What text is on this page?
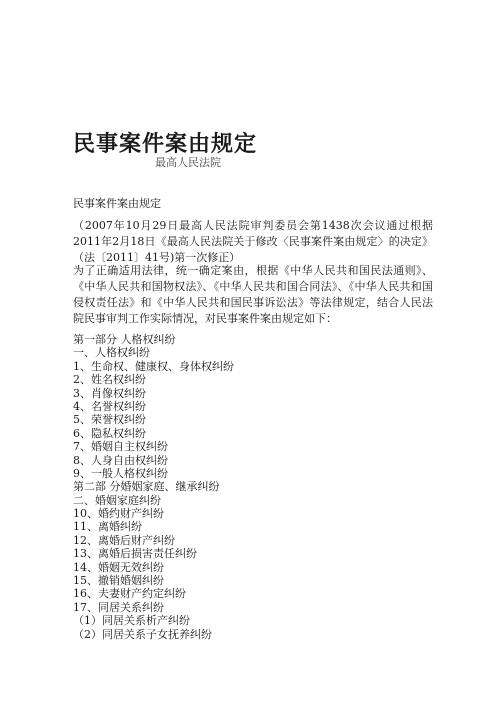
民事案件案由规定
最高人民法院
民事案件案由规定
（2007年10月29日最高人民法院审判委员会第1438次会议通过根据2011年2月18日《最高人民法院关于修改〈民事案件案由规定〉的决定》（法〔2011〕41号)第一次修正）
为了正确适用法律，统一确定案由，根据《中华人民共和国民法通则》、《中华人民共和国物权法》、《中华人民共和国合同法》、《中华人民共和国侵权责任法》和《中华人民共和国民事诉讼法》等法律规定，结合人民法院民事审判工作实际情况，对民事案件案由规定如下：
第一部分 人格权纠纷
一、人格权纠纷
1、生命权、健康权、身体权纠纷
2、姓名权纠纷
3、肖像权纠纷
4、名誉权纠纷
5、荣誉权纠纷
6、隐私权纠纷
7、婚姻自主权纠纷
8、人身自由权纠纷
9、一般人格权纠纷
第二部 分婚姻家庭、继承纠纷
二、婚姻家庭纠纷
10、婚约财产纠纷
11、离婚纠纷
12、离婚后财产纠纷
13、离婚后损害责任纠纷
14、婚姻无效纠纷
15、撤销婚姻纠纷
16、夫妻财产约定纠纷
17、同居关系纠纷
（1）同居关系析产纠纷
（2）同居关系子女抚养纠纷
